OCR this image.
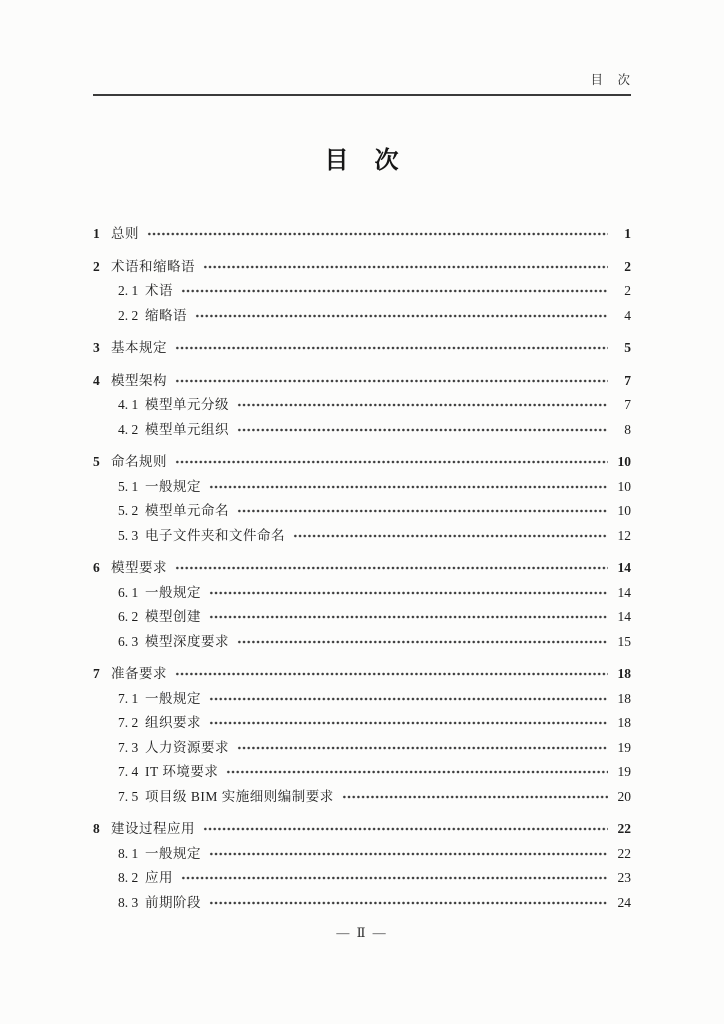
目　次
目　次
1 总则	1
2 术语和缩略语	2
2. 1 术语	2
2. 2 缩略语	4
3 基本规定	5
4 模型架构	7
4. 1 模型单元分级	7
4. 2 模型单元组织	8
5 命名规则	10
5. 1 一般规定	10
5. 2 模型单元命名	10
5. 3 电子文件夹和文件命名	12
6 模型要求	14
6. 1 一般规定	14
6. 2 模型创建	14
6. 3 模型深度要求	15
7 准备要求	18
7. 1 一般规定	18
7. 2 组织要求	18
7. 3 人力资源要求	19
7. 4 IT 环境要求	19
7. 5 项目级 BIM 实施细则编制要求	20
8 建设过程应用	22
8. 1 一般规定	22
8. 2 应用	23
8. 3 前期阶段	24
— Ⅱ —
